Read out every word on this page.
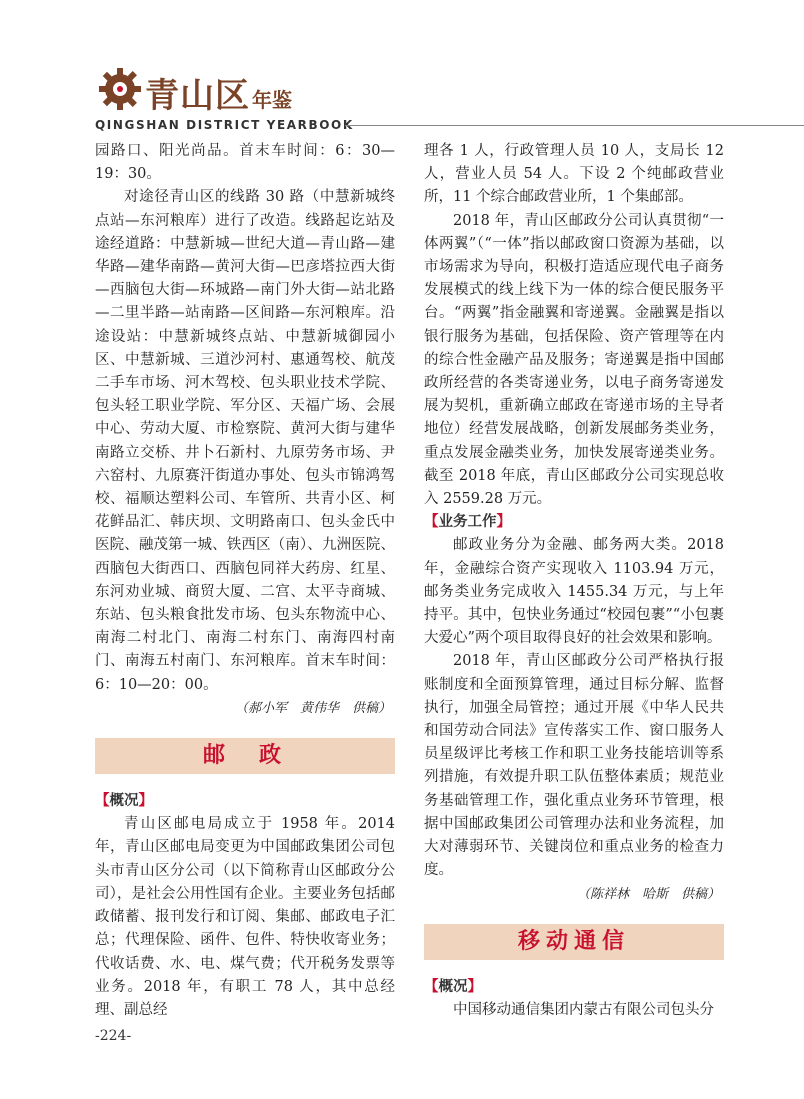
青山区 年鉴
QINGSHAN DISTRICT YEARBOOK

园路口、阳光尚品。首末车时间：6：30—19：30。

对途径青山区的线路 30 路（中慧新城终点站—东河粮库）进行了改造。线路起讫站及途经道路：中慧新城—世纪大道—青山路—建华路—建华南路—黄河大街—巴彦塔拉西大街—西脑包大街—环城路—南门外大街—站北路—二里半路—站南路—区间路—东河粮库。沿途设站：中慧新城终点站、中慧新城御园小区、中慧新城、三道沙河村、惠通驾校、航茂二手车市场、河木驾校、包头职业技术学院、包头轻工职业学院、军分区、天福广场、会展中心、劳动大厦、市检察院、黄河大街与建华南路立交桥、井卜石新村、九原劳务市场、尹六窑村、九原赛汗街道办事处、包头市锦鸿驾校、福顺达塑料公司、车管所、共青小区、柯花鲜品汇、韩庆坝、文明路南口、包头金氏中医院、融茂第一城、铁西区（南）、九洲医院、西脑包大街西口、西脑包同祥大药房、红星、东河劝业城、商贸大厦、二宫、太平寺商城、东站、包头粮食批发市场、包头东物流中心、南海二村北门、南海二村东门、南海四村南门、南海五村南门、东河粮库。首末车时间：6：10—20：00。

（郝小军　黄伟华　供稿）
邮　政
【概况】

青山区邮电局成立于 1958 年。2014 年，青山区邮电局变更为中国邮政集团公司包头市青山区分公司（以下简称青山区邮政分公司），是社会公用性国有企业。主要业务包括邮政储蓄、报刊发行和订阅、集邮、邮政电子汇总；代理保险、函件、包件、特快收寄业务；代收话费、水、电、煤气费；代开税务发票等业务。2018 年，有职工 78 人，其中总经理、副总经

理各 1 人，行政管理人员 10 人，支局长 12 人，营业人员 54 人。下设 2 个纯邮政营业所，11 个综合邮政营业所，1 个集邮部。

2018 年，青山区邮政分公司认真贯彻“一体两翼”（“一体”指以邮政窗口资源为基础，以市场需求为导向，积极打造适应现代电子商务发展模式的线上线下为一体的综合便民服务平台。“两翼”指金融翼和寄递翼。金融翼是指以银行服务为基础，包括保险、资产管理等在内的综合性金融产品及服务；寄递翼是指中国邮政所经营的各类寄递业务，以电子商务寄递发展为契机，重新确立邮政在寄递市场的主导者地位）经营发展战略，创新发展邮务类业务，重点发展金融类业务，加快发展寄递类业务。截至 2018 年底，青山区邮政分公司实现总收入 2559.28 万元。

【业务工作】

邮政业务分为金融、邮务两大类。2018 年，金融综合资产实现收入 1103.94 万元，邮务类业务完成收入 1455.34 万元，与上年持平。其中，包快业务通过“校园包裹”“小包裹大爱心”两个项目取得良好的社会效果和影响。

2018 年，青山区邮政分公司严格执行报账制度和全面预算管理，通过目标分解、监督执行，加强全局管控；通过开展《中华人民共和国劳动合同法》宣传落实工作、窗口服务人员星级评比考核工作和职工业务技能培训等系列措施，有效提升职工队伍整体素质；规范业务基础管理工作，强化重点业务环节管理，根据中国邮政集团公司管理办法和业务流程，加大对薄弱环节、关键岗位和重点业务的检查力度。

（陈祥林　哈斯　供稿）
移动通信
【概况】

中国移动通信集团内蒙古有限公司包头分

-224-
